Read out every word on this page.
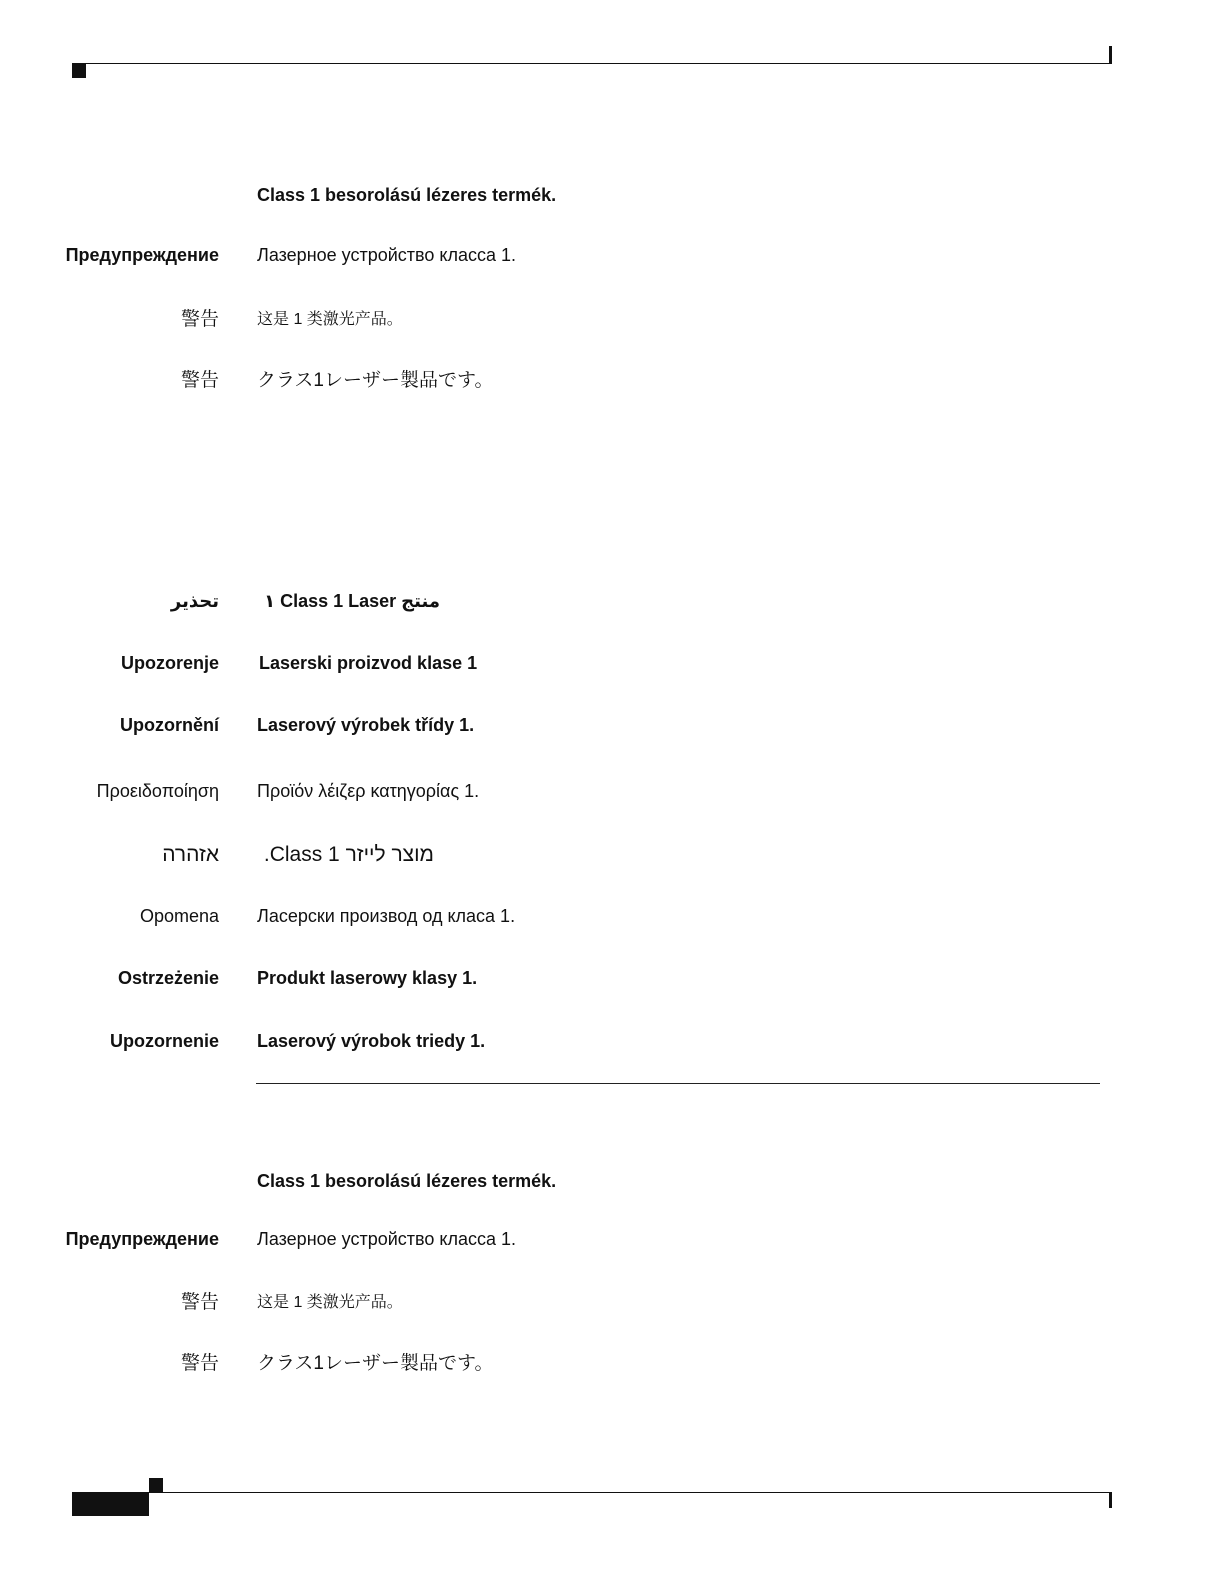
Class 1 besorolású lézeres termék.
Предупреждение Лазерное устройство класса 1.
警告 这是 1 类激光产品。
警告 クラス1レーザー製品です。
تحذير	منتج Class 1 Laser ١
Upozorenje Laserski proizvod klase 1
Upozornění Laserový výrobek třídy 1.
Προειδοποίηση Προϊόν λέιζερ κατηγορίας 1.
אזהרה מוצר לייזר Class 1.
Opomena Ласерски производ од класа 1.
Ostrzeżenie Produkt laserowy klasy 1.
Upozornenie Laserový výrobok triedy 1.
Class 1 besorolású lézeres termék.
Предупреждение Лазерное устройство класса 1.
警告 这是 1 类激光产品。
警告 クラス1レーザー製品です。
